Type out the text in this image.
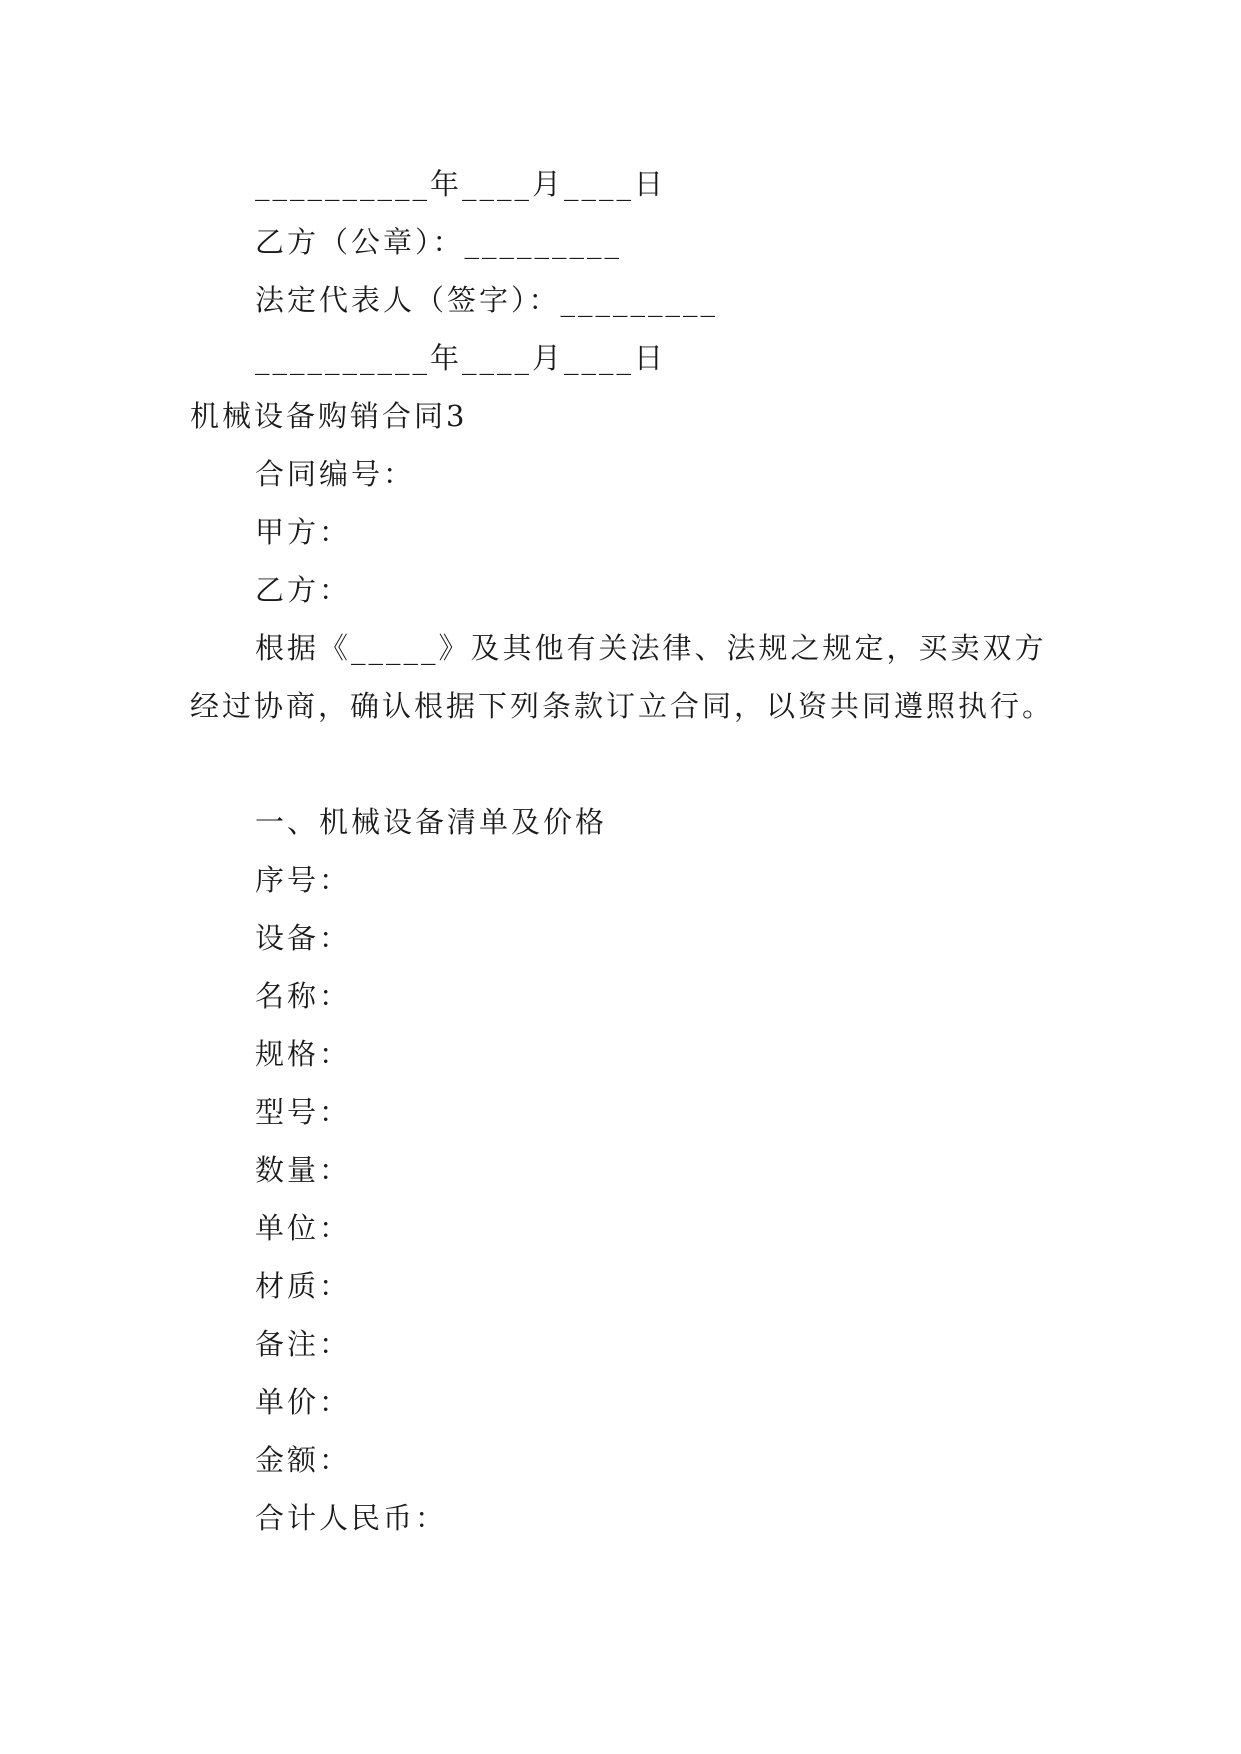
__________年____月____日
乙方（公章）：_________
法定代表人（签字）：_________
__________年____月____日
机械设备购销合同3
合同编号：
甲方：
乙方：
根据《_____》及其他有关法律、法规之规定，买卖双方经过协商，确认根据下列条款订立合同，以资共同遵照执行。
一、机械设备清单及价格
序号：
设备：
名称：
规格：
型号：
数量：
单位：
材质：
备注：
单价：
金额：
合计人民币：
